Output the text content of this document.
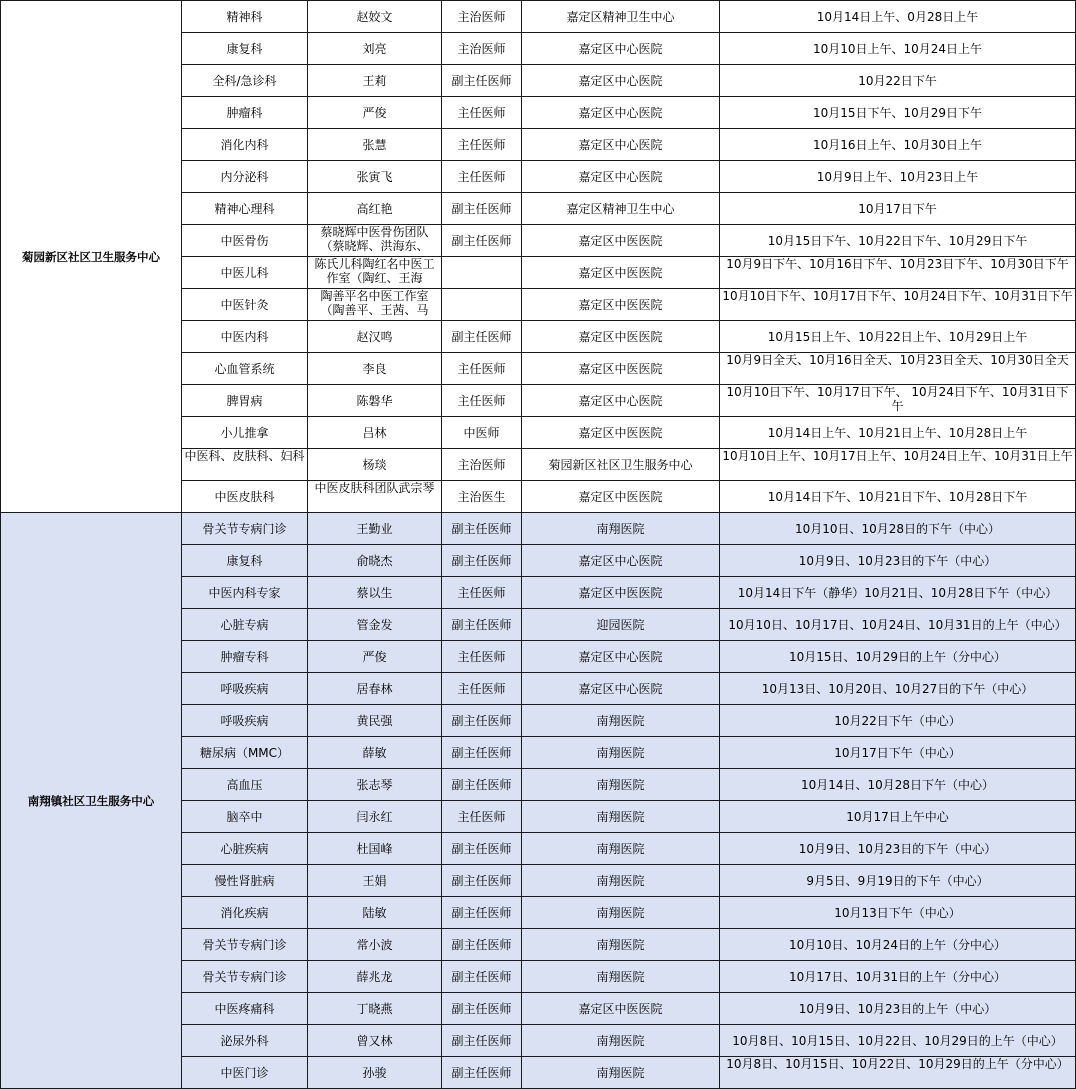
菊园新区社区卫生服务中心	精神科	赵姣文	主治医师	嘉定区精神卫生中心	10月14日上午、0月28日上午

康复科	刘亮	主治医师	嘉定区中心医院	10月10日上午、10月24日上午

全科/急诊科	王莉	副主任医师	嘉定区中心医院	10月22日下午

肿瘤科	严俊	主任医师	嘉定区中心医院	10月15日下午、10月29日下午

消化内科	张慧	主任医师	嘉定区中心医院	10月16日上午、10月30日上午

内分泌科	张寅飞	主任医师	嘉定区中心医院	10月9日上午、10月23日上午

精神心理科	高红艳	副主任医师	嘉定区精神卫生中心	10月17日下午

中医骨伤	蔡晓辉中医骨伤团队（蔡晓辉、洪海东、	副主任医师	嘉定区中医医院	10月15日下午、10月22日下午、10月29日下午

中医儿科	陈氏儿科陶红名中医工作室（陶红、王海		嘉定区中医医院	10月9日下午、10月16日下午、10月23日下午、10月30日下午

中医针灸	陶善平名中医工作室（陶善平、王茜、马		嘉定区中医医院	10月10日下午、10月17日下午、10月24日下午、10月31日下午

中医内科	赵汉鸣	副主任医师	嘉定区中医医院	10月15日上午、10月22日上午、10月29日上午

心血管系统	李良	主任医师	嘉定区中医医院	10月9日全天、10月16日全天、10月23日全天、10月30日全天

脾胃病	陈磐华	主任医师	嘉定区中心医院	10月10日下午、10月17日下午、 10月24日下午、10月31日下午

小儿推拿	吕林	中医师	嘉定区中医医院	10月14日上午、10月21日上午、10月28日上午

中医科、皮肤科、妇科	杨琰	主治医师	菊园新区社区卫生服务中心	10月10日上午、10月17日上午、10月24日上午、10月31日上午

中医皮肤科	中医皮肤科团队武宗琴	主治医生	嘉定区中医医院	10月14日下午、10月21日下午、10月28日下午

南翔镇社区卫生服务中心	骨关节专病门诊	王勤业	副主任医师	南翔医院	10月10日、10月28日的下午（中心）

康复科	俞晓杰	副主任医师	嘉定区中心医院	10月9日、10月23日的下午（中心）

中医内科专家	蔡以生	主任医师	嘉定区中医医院	10月14日下午（静华）10月21日、10月28日下午（中心）

心脏专病	管金发	副主任医师	迎园医院	10月10日、10月17日、10月24日、10月31日的上午（中心）

肿瘤专科	严俊	主任医师	嘉定区中心医院	10月15日、10月29日的上午（分中心）

呼吸疾病	居春林	主任医师	嘉定区中心医院	10月13日、10月20日、10月27日的下午（中心）

呼吸疾病	黄民强	副主任医师	南翔医院	10月22日下午（中心）

糖尿病（MMC）	薛敏	副主任医师	南翔医院	10月17日下午（中心）

高血压	张志琴	副主任医师	南翔医院	10月14日、10月28日下午（中心）

脑卒中	闫永红	主任医师	南翔医院	10月17日上午中心

心脏疾病	杜国峰	副主任医师	南翔医院	10月9日、10月23日的下午（中心）

慢性肾脏病	王娟	副主任医师	南翔医院	9月5日、9月19日的下午（中心）

消化疾病	陆敏	副主任医师	南翔医院	10月13日下午（中心）

骨关节专病门诊	常小波	副主任医师	南翔医院	10月10日、10月24日的上午（分中心）

骨关节专病门诊	薛兆龙	副主任医师	南翔医院	10月17日、10月31日的上午（分中心）

中医疼痛科	丁晓燕	副主任医师	嘉定区中医医院	10月9日、10月23日的上午（中心）

泌尿外科	曾又林	副主任医师	南翔医院	10月8日、10月15日、10月22日、10月29日的上午（中心）

中医门诊	孙骏	副主任医师	南翔医院	10月8日、10月15日、10月22日、10月29日的上午（分中心）
